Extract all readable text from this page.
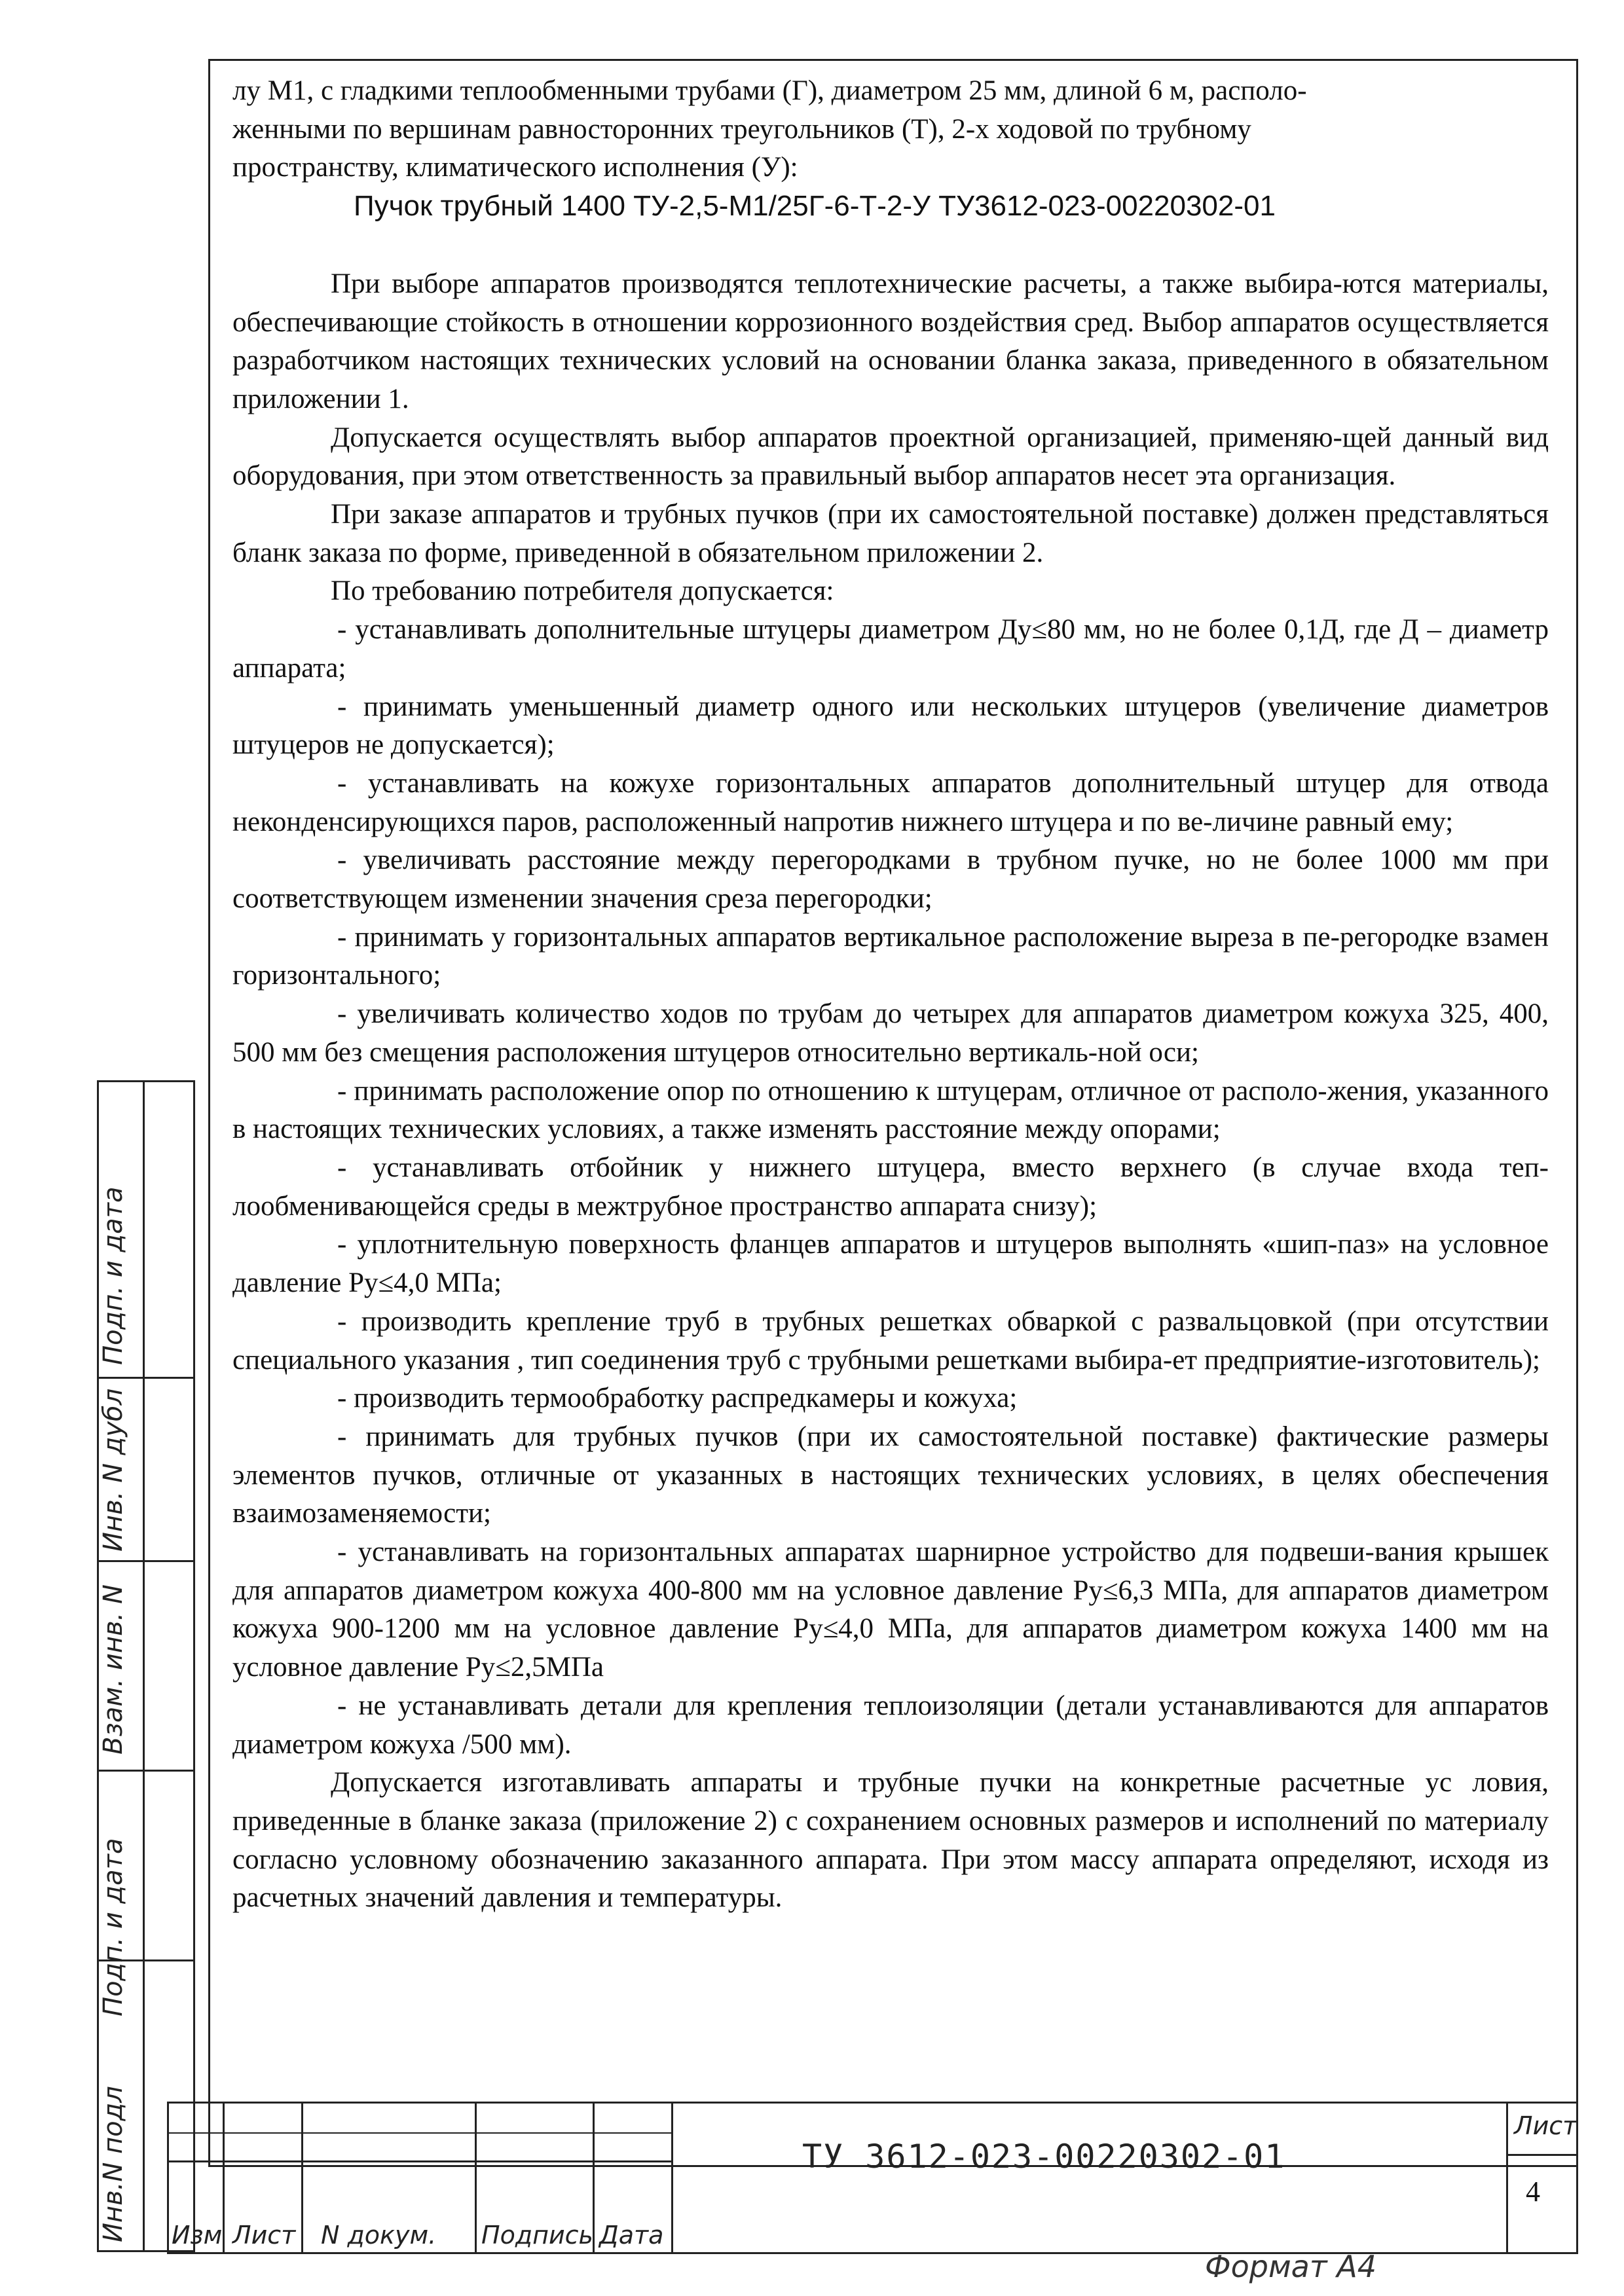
лу М1, с гладкими теплообменными трубами (Г), диаметром 25 мм, длиной 6 м, располо-

женными по вершинам равносторонних треугольников (Т), 2-х ходовой по трубному

пространству, климатического исполнения (У):

Пучок трубный 1400 ТУ-2,5-М1/25Г-6-Т-2-У ТУ3612-023-00220302-01

При выборе аппаратов производятся теплотехнические расчеты, а также выбира-ются материалы, обеспечивающие стойкость в отношении коррозионного воздействия сред. Выбор аппаратов осуществляется разработчиком настоящих технических условий на основании бланка заказа, приведенного в обязательном приложении 1.

Допускается осуществлять выбор аппаратов проектной организацией, применяю-щей данный вид оборудования, при этом ответственность за правильный выбор аппаратов несет эта организация.

При заказе аппаратов и трубных пучков (при их самостоятельной поставке) должен представляться бланк заказа по форме, приведенной в обязательном приложении 2.

По требованию потребителя допускается:

- устанавливать дополнительные штуцеры диаметром Ду≤80 мм, но не более 0,1Д, где Д – диаметр аппарата;

- принимать уменьшенный диаметр одного или нескольких штуцеров (увеличение диаметров штуцеров не допускается);

- устанавливать на кожухе горизонтальных аппаратов дополнительный штуцер для отвода неконденсирующихся паров, расположенный напротив нижнего штуцера и по ве-личине равный ему;

- увеличивать расстояние между перегородками в трубном пучке, но не более 1000 мм при соответствующем изменении значения среза перегородки;

- принимать у горизонтальных аппаратов вертикальное расположение выреза в пе-регородке взамен горизонтального;

- увеличивать количество ходов по трубам до четырех для аппаратов диаметром кожуха 325, 400, 500 мм без смещения расположения штуцеров относительно вертикаль-ной оси;

- принимать расположение опор по отношению к штуцерам, отличное от располо-жения, указанного в настоящих технических условиях, а также изменять расстояние между опорами;

- устанавливать отбойник у нижнего штуцера, вместо верхнего (в случае входа теп-лообменивающейся среды в межтрубное пространство аппарата снизу);

- уплотнительную поверхность фланцев аппаратов и штуцеров выполнять «шип-паз» на условное давление Ру≤4,0 МПа;

- производить крепление труб в трубных решетках обваркой с развальцовкой (при отсутствии специального указания , тип соединения труб с трубными решетками выбира-ет предприятие-изготовитель);

- производить термообработку распредкамеры и кожуха;

- принимать для трубных пучков (при их самостоятельной поставке) фактические размеры элементов пучков, отличные от указанных в настоящих технических условиях, в целях обеспечения взаимозаменяемости;

- устанавливать на горизонтальных аппаратах шарнирное устройство для подвеши-вания крышек для аппаратов диаметром кожуха 400-800 мм на условное давление Ру≤6,3 МПа, для аппаратов диаметром кожуха 900-1200 мм на условное давление Ру≤4,0 МПа, для аппаратов диаметром кожуха 1400 мм на условное давление Ру≤2,5МПа

- не устанавливать детали для крепления теплоизоляции (детали устанавливаются для аппаратов диаметром кожуха /500 мм).

Допускается изготавливать аппараты и трубные пучки на конкретные расчетные ус ловия, приведенные в бланке заказа (приложение 2) с сохранением основных размеров и исполнений по материалу согласно условному обозначению заказанного аппарата. При этом массу аппарата определяют, исходя из расчетных значений давления и температуры.

Инв.N подл
Подп. и дата
Взам. инв. N
Инв. N дубл
Подп. и дата
Изм Лист N докум. Подпись Дата
ТУ 3612-023-00220302-01
Лист
4
Формат А4
